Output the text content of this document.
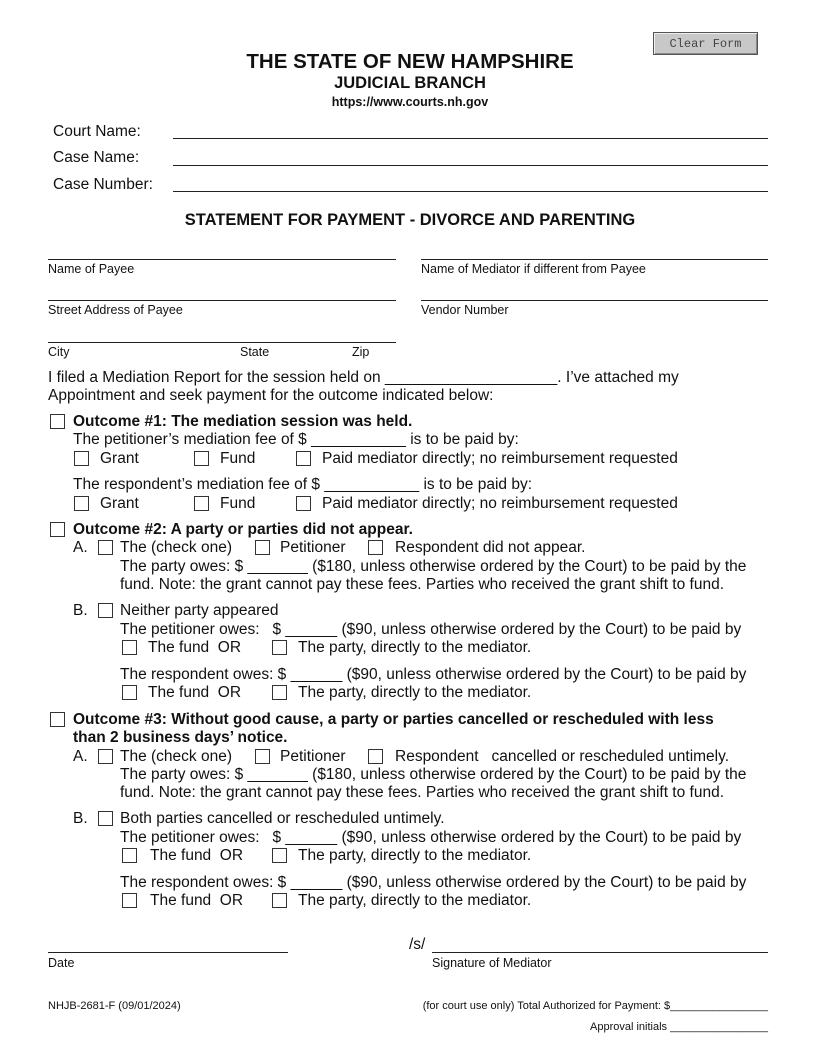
Clear Form
THE STATE OF NEW HAMPSHIRE
JUDICIAL BRANCH
https://www.courts.nh.gov
Court Name:
Case Name:
Case Number:
STATEMENT FOR PAYMENT - DIVORCE AND PARENTING
Name of Payee	Name of Mediator if different from Payee
Street Address of Payee	Vendor Number
City	State	Zip
I filed a Mediation Report for the session held on ____________________. I’ve attached my
Appointment and seek payment for the outcome indicated below:
Outcome #1: The mediation session was held.
The petitioner’s mediation fee of $ ___________ is to be paid by:
Grant	Fund	Paid mediator directly; no reimbursement requested
The respondent’s mediation fee of $ ___________ is to be paid by:
Grant	Fund	Paid mediator directly; no reimbursement requested
Outcome #2: A party or parties did not appear.
A. The (check one)	Petitioner	Respondent did not appear.
The party owes: $ _______ ($180, unless otherwise ordered by the Court) to be paid by the
fund. Note: the grant cannot pay these fees. Parties who received the grant shift to fund.
B. Neither party appeared
The petitioner owes:   $ ______ ($90, unless otherwise ordered by the Court) to be paid by
The fund  OR	The party, directly to the mediator.
The respondent owes: $ ______ ($90, unless otherwise ordered by the Court) to be paid by
The fund  OR	The party, directly to the mediator.
Outcome #3: Without good cause, a party or parties cancelled or rescheduled with less
than 2 business days’ notice.
A. The (check one)	Petitioner	Respondent   cancelled or rescheduled untimely.
The party owes: $ _______ ($180, unless otherwise ordered by the Court) to be paid by the
fund. Note: the grant cannot pay these fees. Parties who received the grant shift to fund.
B. Both parties cancelled or rescheduled untimely.
The petitioner owes:   $ ______ ($90, unless otherwise ordered by the Court) to be paid by
The fund  OR	The party, directly to the mediator.
The respondent owes: $ ______ ($90, unless otherwise ordered by the Court) to be paid by
The fund  OR	The party, directly to the mediator.
Date
/s/
Signature of Mediator
NHJB-2681-F (09/01/2024)	(for court use only) Total Authorized for Payment: $________________
Approval initials ________________
